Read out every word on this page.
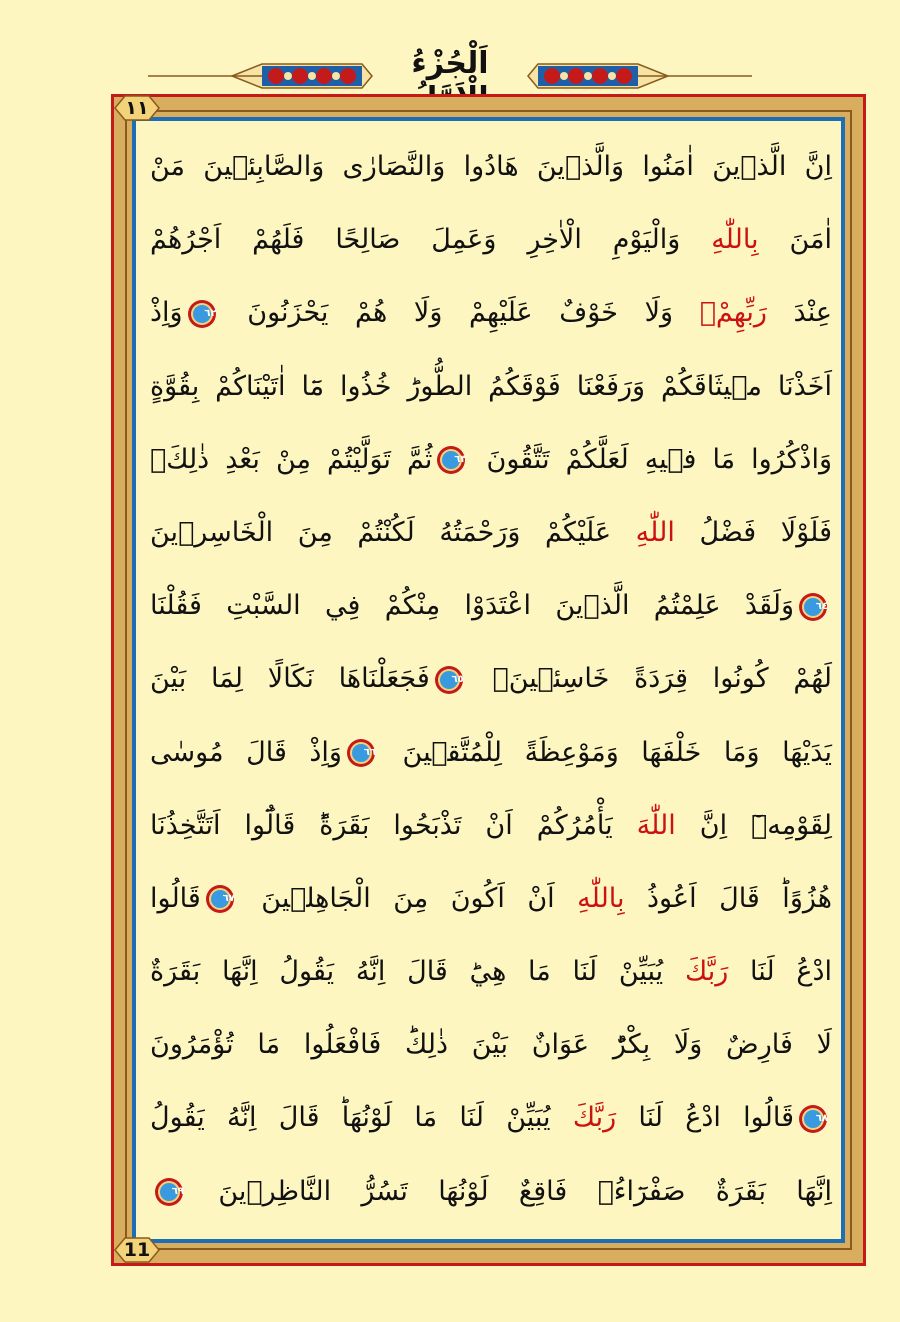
اَلْجُزْءُ
١١
11
اِنَّ الَّذٖينَ اٰمَنُوا وَالَّذٖينَ هَادُوا وَالنَّصَارٰى وَالصَّابِئٖينَ مَنْ
اٰمَنَ بِاللّٰهِ وَالْيَوْمِ الْاٰخِرِ وَعَمِلَ صَالِحًا فَلَهُمْ اَجْرُهُمْ
عِنْدَ رَبِّهِمْۚ وَلَا خَوْفٌ عَلَيْهِمْ وَلَا هُمْ يَحْزَنُونَ
٦٢
وَاِذْ
اَخَذْنَا مٖيثَاقَكُمْ وَرَفَعْنَا فَوْقَكُمُ الطُّورَؕ خُذُوا مَٓا اٰتَيْنَاكُمْ بِقُوَّةٍ
وَاذْكُرُوا مَا فٖيهِ لَعَلَّكُمْ تَتَّقُونَ
٦٣
ثُمَّ تَوَلَّيْتُمْ مِنْ بَعْدِ ذٰلِكَۚ
فَلَوْلَا فَضْلُ اللّٰهِ عَلَيْكُمْ وَرَحْمَتُهُ لَكُنْتُمْ مِنَ الْخَاسِرٖينَ
٦٤
وَلَقَدْ عَلِمْتُمُ الَّذٖينَ اعْتَدَوْا مِنْكُمْ فِي السَّبْتِ فَقُلْنَا
لَهُمْ كُونُوا قِرَدَةً خَاسِئٖينَۚ
٦٥
فَجَعَلْنَاهَا نَكَالًا لِمَا بَيْنَ
يَدَيْهَا وَمَا خَلْفَهَا وَمَوْعِظَةً لِلْمُتَّقٖينَ
٦٦
وَاِذْ قَالَ مُوسٰى
لِقَوْمِهٖٓ اِنَّ اللّٰهَ يَأْمُرُكُمْ اَنْ تَذْبَحُوا بَقَرَةًؕ قَالُٓوا اَتَتَّخِذُنَا
هُزُوًاؕ قَالَ اَعُوذُ بِاللّٰهِ اَنْ اَكُونَ مِنَ الْجَاهِلٖينَ
٦٧
قَالُوا
ادْعُ لَنَا رَبَّكَ يُبَيِّنْ لَنَا مَا هِيَؕ قَالَ اِنَّهُ يَقُولُ اِنَّهَا بَقَرَةٌ
لَا فَارِضٌ وَلَا بِكْرٌؕ عَوَانٌ بَيْنَ ذٰلِكَؕ فَافْعَلُوا مَا تُؤْمَرُونَ
٦٨
قَالُوا ادْعُ لَنَا رَبَّكَ يُبَيِّنْ لَنَا مَا لَوْنُهَاؕ قَالَ اِنَّهُ يَقُولُ
اِنَّهَا بَقَرَةٌ صَفْرَٓاءُۙ فَاقِعٌ لَوْنُهَا تَسُرُّ النَّاظِرٖينَ
٦٩
